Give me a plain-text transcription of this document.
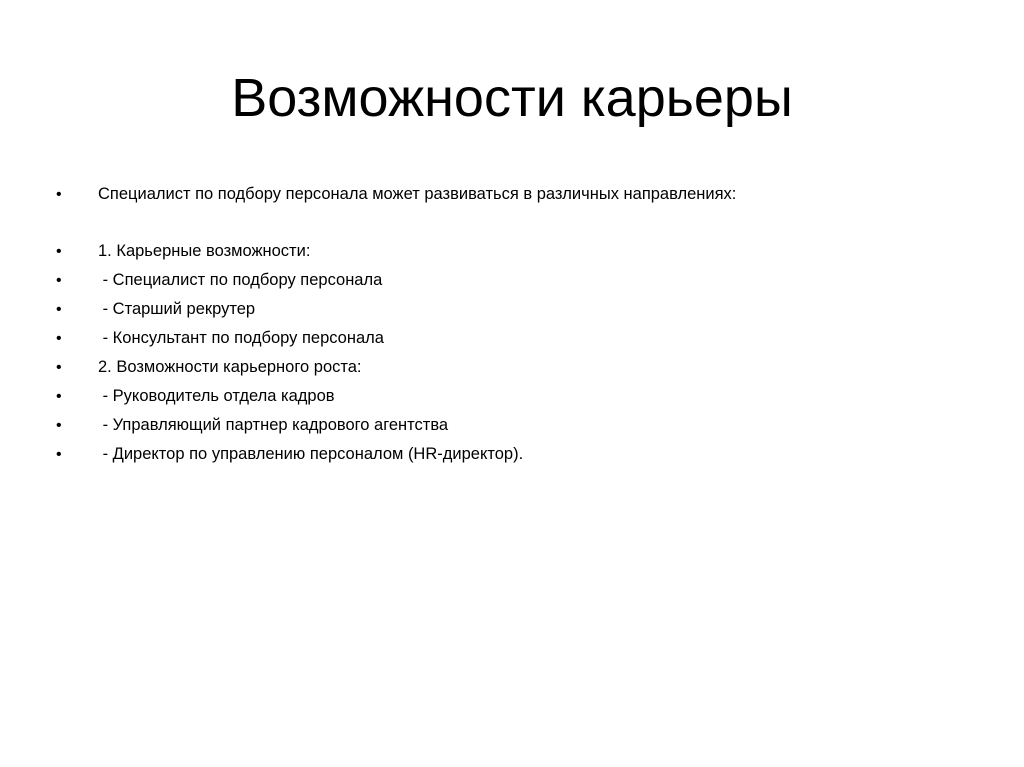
Возможности карьеры

•

	Специалист по подбору персонала может развиваться в различных направлениях:

•

	1. Карьерные возможности:

•

	- Специалист по подбору персонала

•

	- Старший рекрутер

•

	- Консультант по подбору персонала

•

	2. Возможности карьерного роста:

•

	- Руководитель отдела кадров

•

	- Управляющий партнер кадрового агентства

•

	- Директор по управлению персоналом (HR-директор).
